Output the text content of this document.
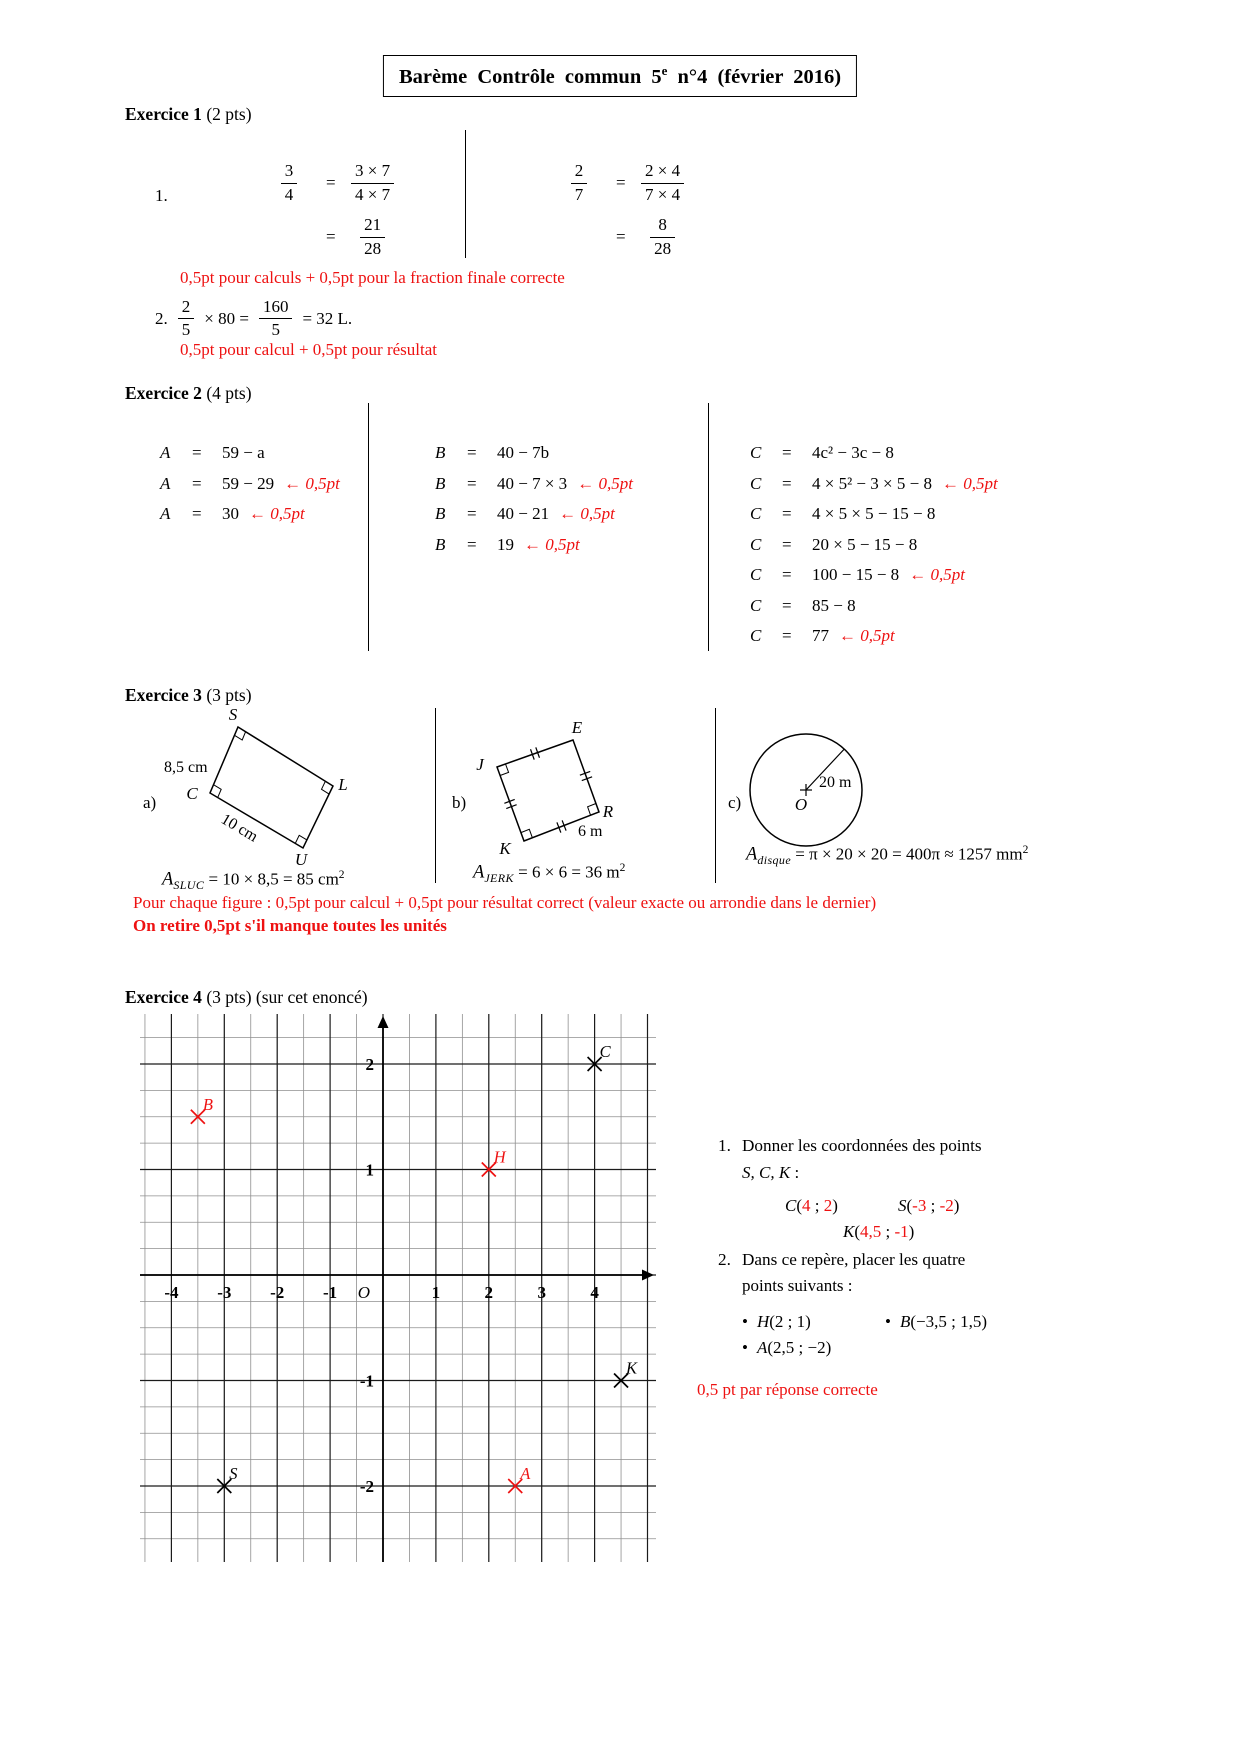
Barème Contrôle commun 5e n°4 (février 2016)
Exercice 1 (2 pts)
1.	$\frac{3}{4} = \frac{3 \times 7}{4 \times 7}$
= $\frac{21}{28}$
$\frac{2}{7} = \frac{2 \times 4}{7 \times 4}$
= $\frac{8}{28}$
0,5pt pour calculs + 0,5pt pour la fraction finale correcte
2. $\frac{2}{5} \times 80 = \frac{160}{5} = 32$ L.
0,5pt pour calcul + 0,5pt pour résultat
Exercice 2 (4 pts)
A	=	59 − a
A	=	59 − 29 ← 0,5pt
A	=	30 ← 0,5pt
B	=	40 − 7b
B	=	40 − 7 × 3 ← 0,5pt
B	=	40 − 21 ← 0,5pt
B	=	19 ← 0,5pt
C	=	4c² − 3c − 8
C	=	4 × 5² − 3 × 5 − 8 ← 0,5pt
C	=	4 × 5 × 5 − 15 − 8
C	=	20 × 5 − 15 − 8
C	=	100 − 15 − 8 ← 0,5pt
C	=	85 − 8
C	=	77 ← 0,5pt
Exercice 3 (3 pts)
a)
S
C	L
U
8,5 cm
10 cm
$A_{SLUC} = 10 \times 8,5 = 85$ $cm^2$
b)
E
J
R
K
6 m
$A_{JERK} = 6 \times 6 = 36$ $m^2$
c)
20 m
O
$A_{disque} = \pi \times 20 \times 20 = 400\pi \approx 1257$ $mm^2$
Pour chaque figure : 0,5pt pour calcul + 0,5pt pour résultat correct (valeur exacte ou arrondie dans le dernier)
On retire 0,5pt s'il manque toutes les unités
Exercice 4 (3 pts) (sur cet enoncé)
-4 -3 -2 -1	1	2	3	4
2
1
-1
-2
O
C
B
H
K
S	A
1. Donner les coordonnées des points
S, C, K :
C(4 ; 2)	S(-3 ; -2)
K(4,5 ; -1)
2. Dans ce repère, placer les quatre
points suivants :
• H(2 ; 1)	• B(−3,5 ; 1,5)
• A(2,5 ; −2)
0,5 pt par réponse correcte
